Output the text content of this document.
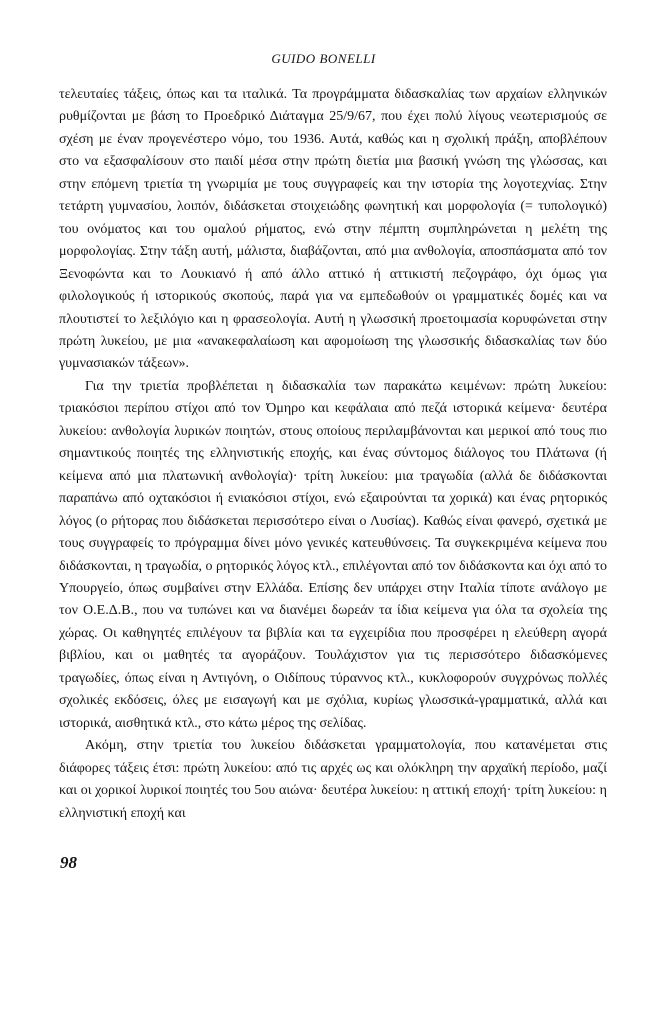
GUIDO BONELLI

τελευταίες τάξεις, όπως και τα ιταλικά. Τα προγράμματα διδασκαλίας των αρχαίων ελληνικών ρυθμίζονται με βάση το Προεδρικό Διάταγμα 25/9/67, που έχει πολύ λίγους νεωτερισμούς σε σχέση με έναν προγενέστερο νόμο, του 1936. Αυτά, καθώς και η σχολική πράξη, αποβλέπουν στο να εξασφαλίσουν στο παιδί μέσα στην πρώτη διετία μια βασική γνώση της γλώσσας, και στην επόμενη τριετία τη γνωριμία με τους συγγραφείς και την ιστορία της λογοτεχνίας. Στην τετάρτη γυμνασίου, λοιπόν, διδάσκεται στοιχειώδης φωνητική και μορφολογία (= τυπολογικό) του ονόματος και του ομαλού ρήματος, ενώ στην πέμπτη συμπληρώνεται η μελέτη της μορφολογίας. Στην τάξη αυτή, μάλιστα, διαβάζονται, από μια ανθολογία, αποσπάσματα από τον Ξενοφώντα και το Λουκιανό ή από άλλο αττικό ή αττικιστή πεζογράφο, όχι όμως για φιλολογικούς ή ιστορικούς σκοπούς, παρά για να εμπεδωθούν οι γραμματικές δομές και να πλουτιστεί το λεξιλόγιο και η φρασεολογία. Αυτή η γλωσσική προετοιμασία κορυφώνεται στην πρώτη λυκείου, με μια «ανακεφαλαίωση και αφομοίωση της γλωσσικής διδασκαλίας των δύο γυμνασιακών τάξεων».

Για την τριετία προβλέπεται η διδασκαλία των παρακάτω κειμένων: πρώτη λυκείου: τριακόσιοι περίπου στίχοι από τον Όμηρο και κεφάλαια από πεζά ιστορικά κείμενα· δευτέρα λυκείου: ανθολογία λυρικών ποιητών, στους οποίους περιλαμβάνονται και μερικοί από τους πιο σημαντικούς ποιητές της ελληνιστικής εποχής, και ένας σύντομος διάλογος του Πλάτωνα (ή κείμενα από μια πλατωνική ανθολογία)· τρίτη λυκείου: μια τραγωδία (αλλά δε διδάσκονται παραπάνω από οχτακόσιοι ή ενιακόσιοι στίχοι, ενώ εξαιρούνται τα χορικά) και ένας ρητορικός λόγος (ο ρήτορας που διδάσκεται περισσότερο είναι ο Λυσίας). Καθώς είναι φανερό, σχετικά με τους συγγραφείς το πρόγραμμα δίνει μόνο γενικές κατευθύνσεις. Τα συγκεκριμένα κείμενα που διδάσκονται, η τραγωδία, ο ρητορικός λόγος κτλ., επιλέγονται από τον διδάσκοντα και όχι από το Υπουργείο, όπως συμβαίνει στην Ελλάδα. Επίσης δεν υπάρχει στην Ιταλία τίποτε ανάλογο με τον Ο.Ε.Δ.Β., που να τυπώνει και να διανέμει δωρεάν τα ίδια κείμενα για όλα τα σχολεία της χώρας. Οι καθηγητές επιλέγουν τα βιβλία και τα εγχειρίδια που προσφέρει η ελεύθερη αγορά βιβλίου, και οι μαθητές τα αγοράζουν. Τουλάχιστον για τις περισσότερο διδασκόμενες τραγωδίες, όπως είναι η Αντιγόνη, ο Οιδίπους τύραννος κτλ., κυκλοφορούν συγχρόνως πολλές σχολικές εκδόσεις, όλες με εισαγωγή και με σχόλια, κυρίως γλωσσικά-γραμματικά, αλλά και ιστορικά, αισθητικά κτλ., στο κάτω μέρος της σελίδας.

Ακόμη, στην τριετία του λυκείου διδάσκεται γραμματολογία, που κατανέμεται στις διάφορες τάξεις έτσι: πρώτη λυκείου: από τις αρχές ως και ολόκληρη την αρχαϊκή περίοδο, μαζί και οι χορικοί λυρικοί ποιητές του 5ου αιώνα· δευτέρα λυκείου: η αττική εποχή· τρίτη λυκείου: η ελληνιστική εποχή και

98
